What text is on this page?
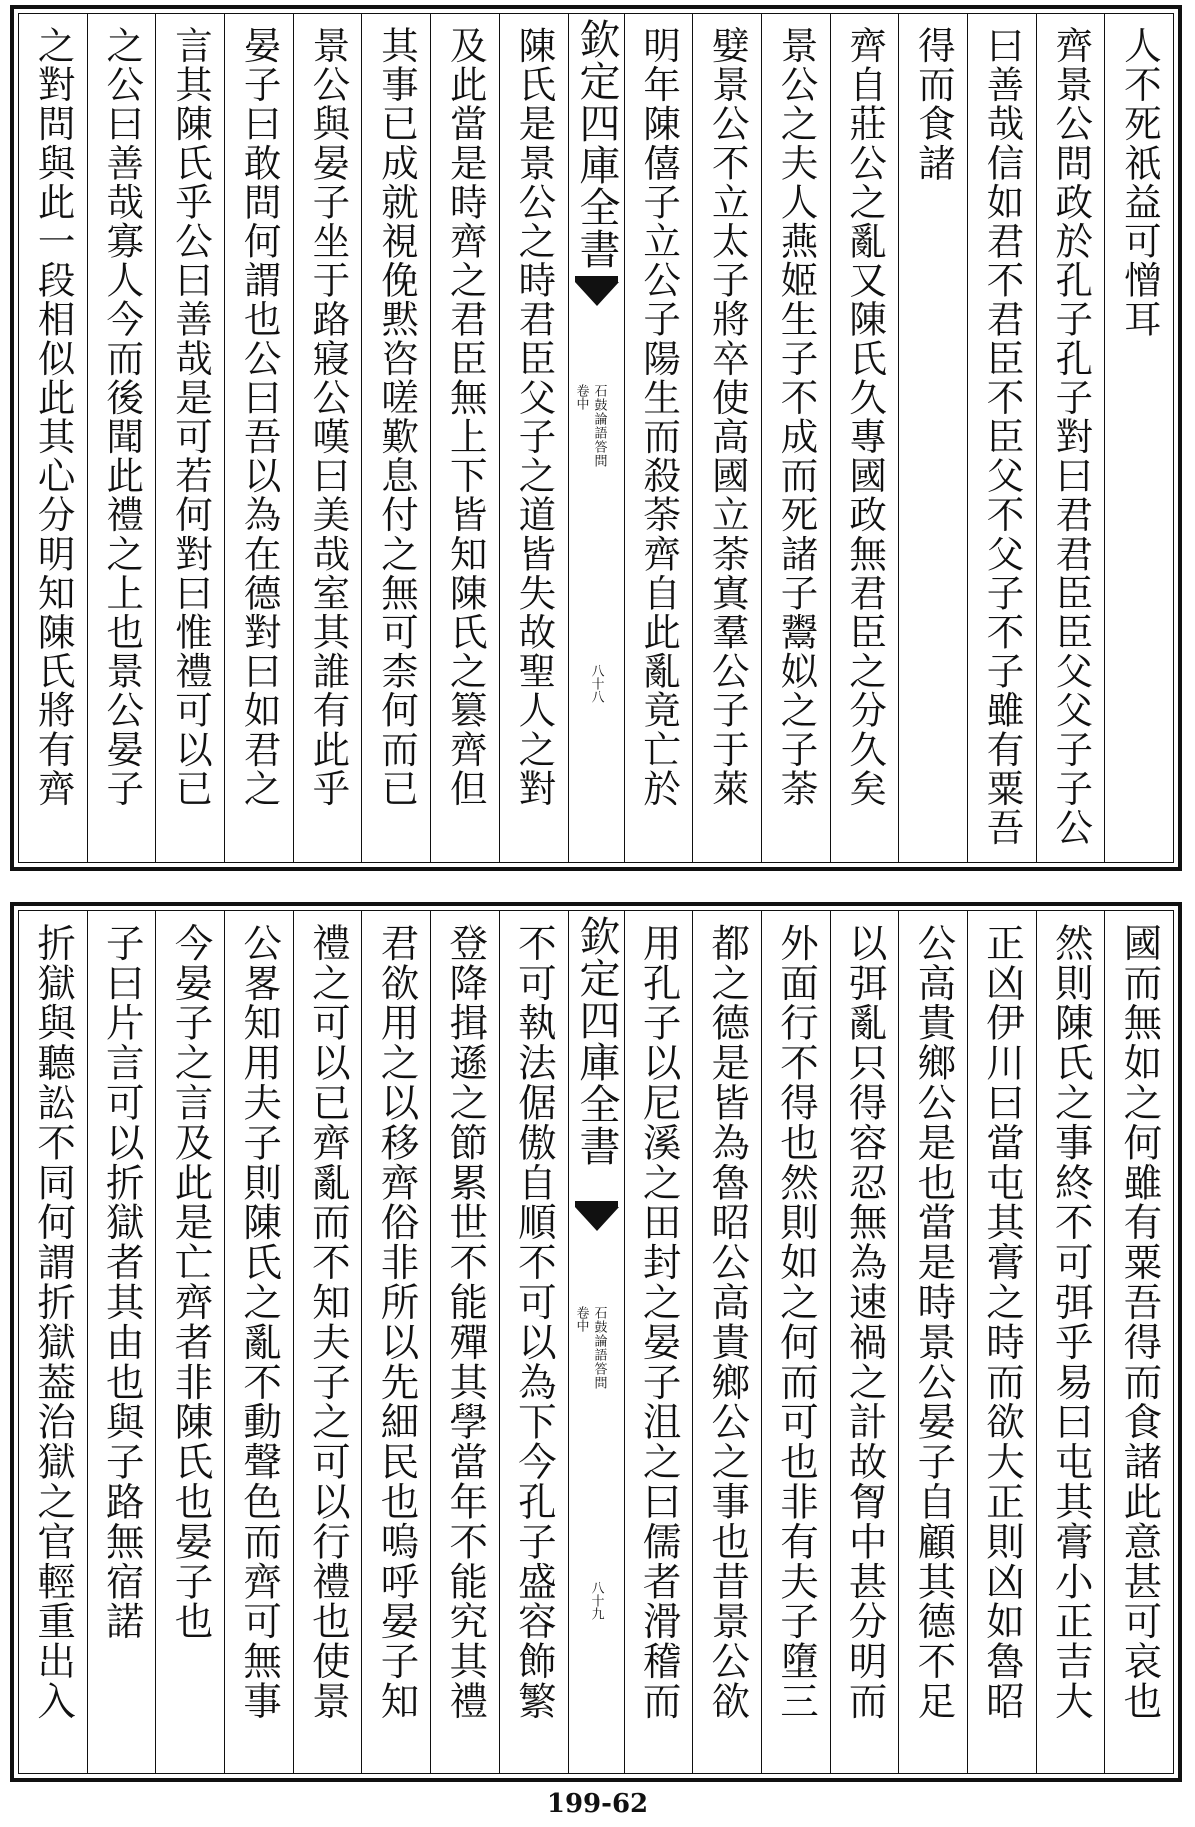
人不死祇益可憎耳
齊景公問政於孔子孔子對曰君君臣臣父父子子公
曰善哉信如君不君臣不臣父不父子不子雖有粟吾
得而食諸
齊自莊公之亂又陳氏久專國政無君臣之分久矣
景公之夫人燕姬生子不成而死諸子鬻姒之子荼
嬖景公不立太子將卒使高國立荼寘羣公子于萊
明年陳僖子立公子陽生而殺荼齊自此亂竟亡於
欽定四庫全書
石鼓論語答問
卷中
八十八
陳氏是景公之時君臣父子之道皆失故聖人之對
及此當是時齊之君臣無上下皆知陳氏之篡齊但
其事已成就視俛黙咨嗟歎息付之無可柰何而已
景公與晏子坐于路寢公嘆曰美哉室其誰有此乎
晏子曰敢問何謂也公曰吾以為在德對曰如君之
言其陳氏乎公曰善哉是可若何對曰惟禮可以已
之公曰善哉寡人今而後聞此禮之上也景公晏子
之對問與此一段相似此其心分明知陳氏將有齊
國而無如之何雖有粟吾得而食諸此意甚可哀也
然則陳氏之事終不可弭乎易曰屯其膏小正吉大
正凶伊川曰當屯其膏之時而欲大正則凶如魯昭
公高貴鄉公是也當是時景公晏子自顧其德不足
以弭亂只得容忍無為速禍之計故胷中甚分明而
外面行不得也然則如之何而可也非有夫子墮三
都之德是皆為魯昭公高貴鄉公之事也昔景公欲
用孔子以尼溪之田封之晏子沮之曰儒者滑稽而
欽定四庫全書
石鼓論語答問
卷中
八十九
不可執法倨傲自順不可以為下今孔子盛容飾繁
登降揖遜之節累世不能殫其學當年不能究其禮
君欲用之以移齊俗非所以先細民也嗚呼晏子知
禮之可以已齊亂而不知夫子之可以行禮也使景
公畧知用夫子則陳氏之亂不動聲色而齊可無事
今晏子之言及此是亡齊者非陳氏也晏子也
子曰片言可以折獄者其由也與子路無宿諾
折獄與聽訟不同何謂折獄葢治獄之官輕重出入
199-62
